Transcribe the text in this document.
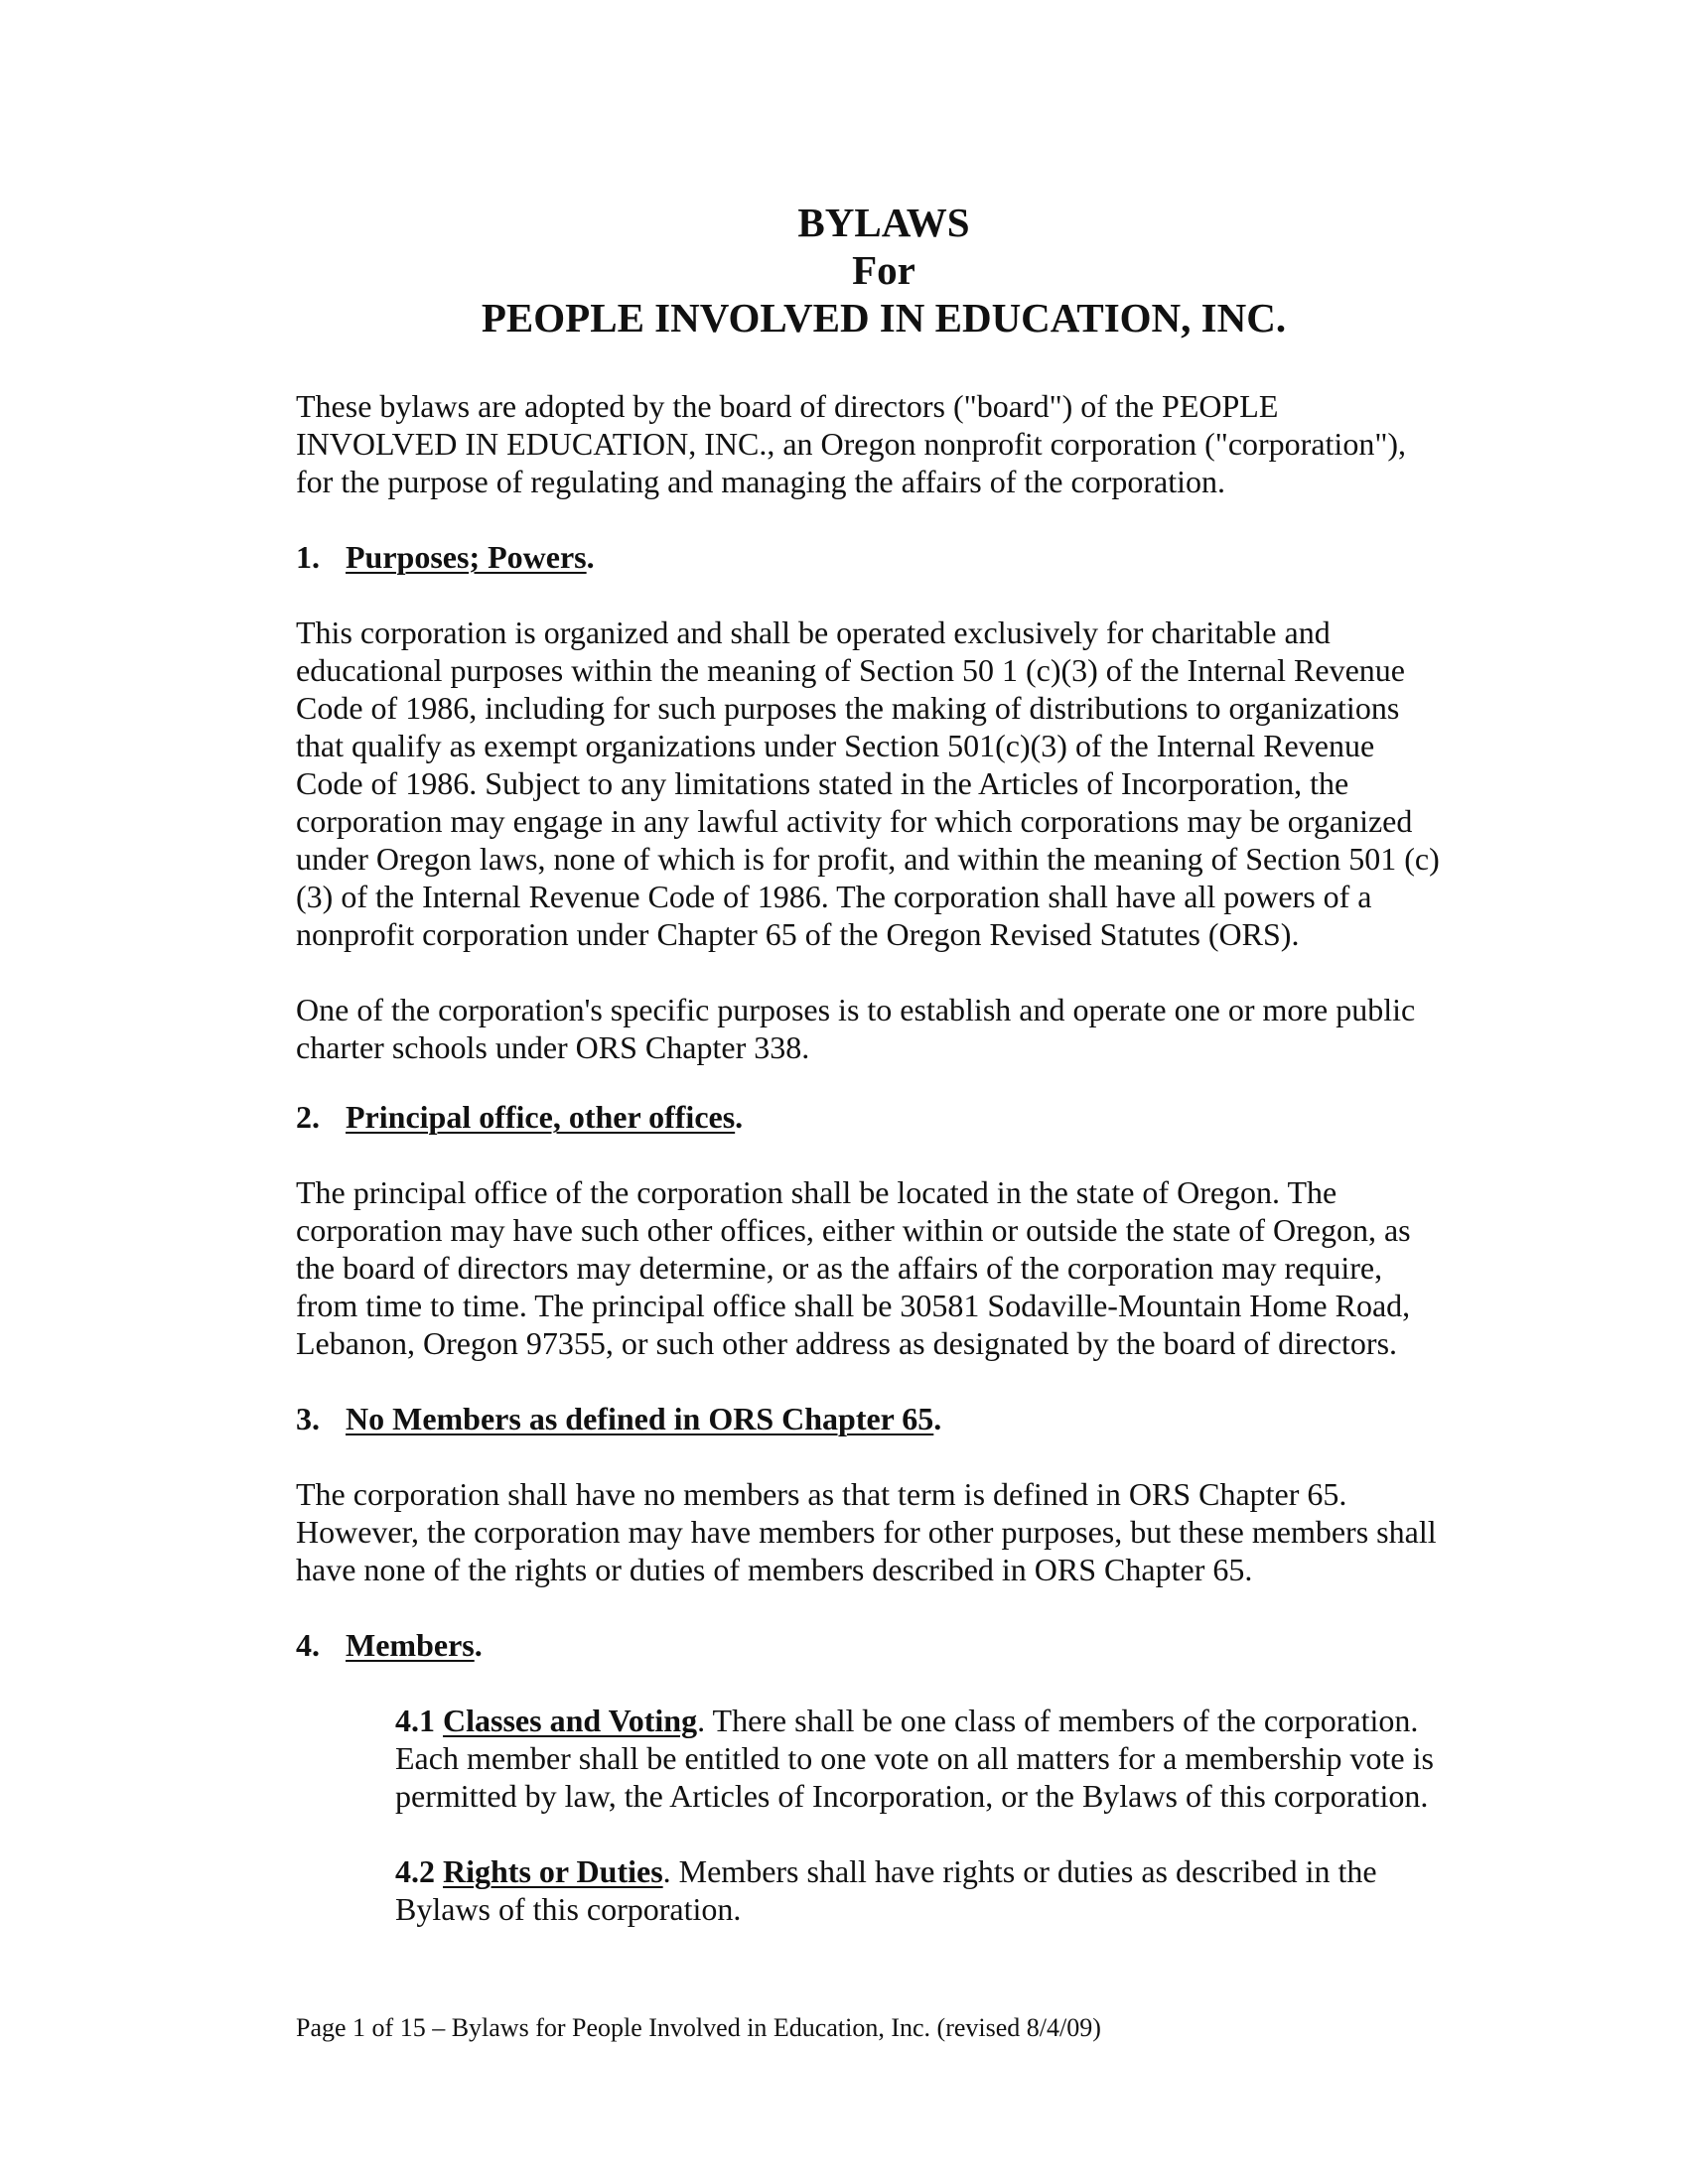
BYLAWS
For
PEOPLE INVOLVED IN EDUCATION, INC.

These bylaws are adopted by the board of directors ("board") of the PEOPLE
INVOLVED IN EDUCATION, INC., an Oregon nonprofit corporation ("corporation"),
for the purpose of regulating and managing the affairs of the corporation.

1. Purposes; Powers.

This corporation is organized and shall be operated exclusively for charitable and
educational purposes within the meaning of Section 50 1 (c)(3) of the Internal Revenue
Code of 1986, including for such purposes the making of distributions to organizations
that qualify as exempt organizations under Section 501(c)(3) of the Internal Revenue
Code of 1986. Subject to any limitations stated in the Articles of Incorporation, the
corporation may engage in any lawful activity for which corporations may be organized
under Oregon laws, none of which is for profit, and within the meaning of Section 501 (c)
(3) of the Internal Revenue Code of 1986. The corporation shall have all powers of a
nonprofit corporation under Chapter 65 of the Oregon Revised Statutes (ORS).

One of the corporation's specific purposes is to establish and operate one or more public
charter schools under ORS Chapter 338.

2. Principal office, other offices.

The principal office of the corporation shall be located in the state of Oregon. The
corporation may have such other offices, either within or outside the state of Oregon, as
the board of directors may determine, or as the affairs of the corporation may require,
from time to time. The principal office shall be 30581 Sodaville-Mountain Home Road,
Lebanon, Oregon 97355, or such other address as designated by the board of directors.

3. No Members as defined in ORS Chapter 65.

The corporation shall have no members as that term is defined in ORS Chapter 65.
However, the corporation may have members for other purposes, but these members shall
have none of the rights or duties of members described in ORS Chapter 65.

4. Members.

4.1 Classes and Voting. There shall be one class of members of the corporation.
Each member shall be entitled to one vote on all matters for a membership vote is
permitted by law, the Articles of Incorporation, or the Bylaws of this corporation.

4.2 Rights or Duties. Members shall have rights or duties as described in the
Bylaws of this corporation.

Page 1 of 15 – Bylaws for People Involved in Education, Inc. (revised 8/4/09)
